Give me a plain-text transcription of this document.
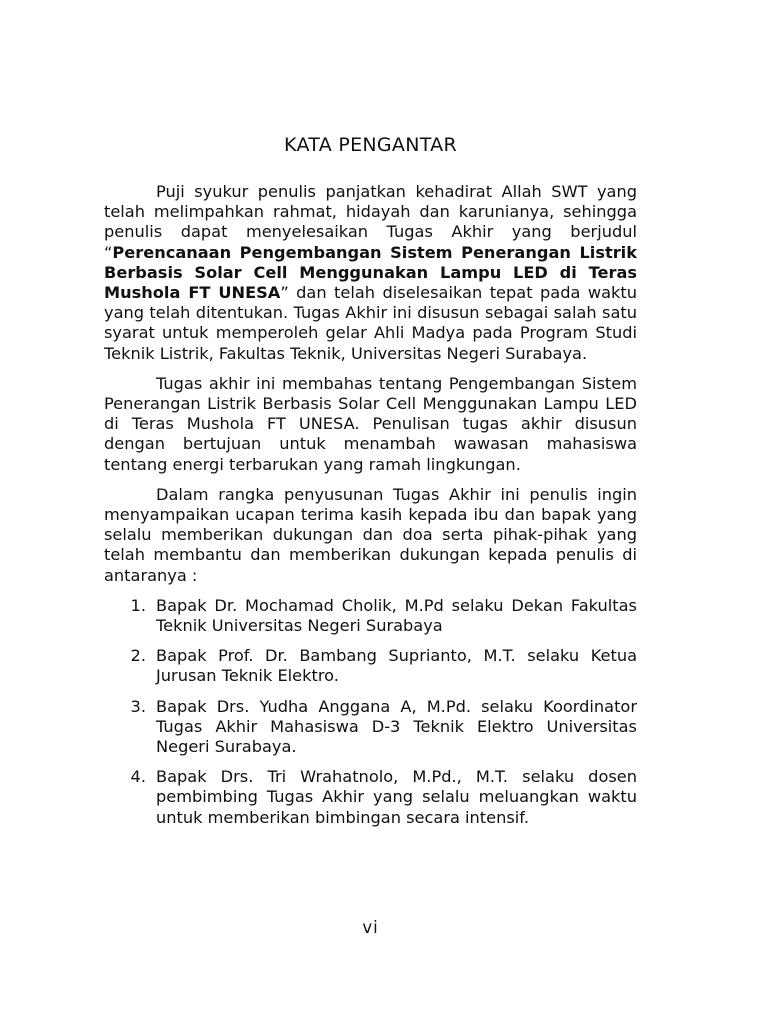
KATA PENGANTAR

Puji syukur penulis panjatkan kehadirat Allah SWT yang telah melimpahkan rahmat, hidayah dan karunianya, sehingga penulis dapat menyelesaikan Tugas Akhir yang berjudul “Perencanaan Pengembangan Sistem Penerangan Listrik Berbasis Solar Cell Menggunakan Lampu LED di Teras Mushola FT UNESA” dan telah diselesaikan tepat pada waktu yang telah ditentukan. Tugas Akhir ini disusun sebagai salah satu syarat untuk memperoleh gelar Ahli Madya pada Program Studi Teknik Listrik, Fakultas Teknik, Universitas Negeri Surabaya.

Tugas akhir ini membahas tentang Pengembangan Sistem Penerangan Listrik Berbasis Solar Cell Menggunakan Lampu LED di Teras Mushola FT UNESA. Penulisan tugas akhir disusun dengan bertujuan untuk menambah wawasan mahasiswa tentang energi terbarukan yang ramah lingkungan.

Dalam rangka penyusunan Tugas Akhir ini penulis ingin menyampaikan ucapan terima kasih kepada ibu dan bapak yang selalu memberikan dukungan dan doa serta pihak-pihak yang telah membantu dan memberikan dukungan kepada penulis di antaranya :

1. Bapak Dr. Mochamad Cholik, M.Pd selaku Dekan Fakultas Teknik Universitas Negeri Surabaya
2. Bapak Prof. Dr. Bambang Suprianto, M.T. selaku Ketua Jurusan Teknik Elektro.
3. Bapak Drs. Yudha Anggana A, M.Pd. selaku Koordinator Tugas Akhir Mahasiswa D-3 Teknik Elektro Universitas Negeri Surabaya.
4. Bapak Drs. Tri Wrahatnolo, M.Pd., M.T. selaku dosen pembimbing Tugas Akhir yang selalu meluangkan waktu untuk memberikan bimbingan secara intensif.
vi
